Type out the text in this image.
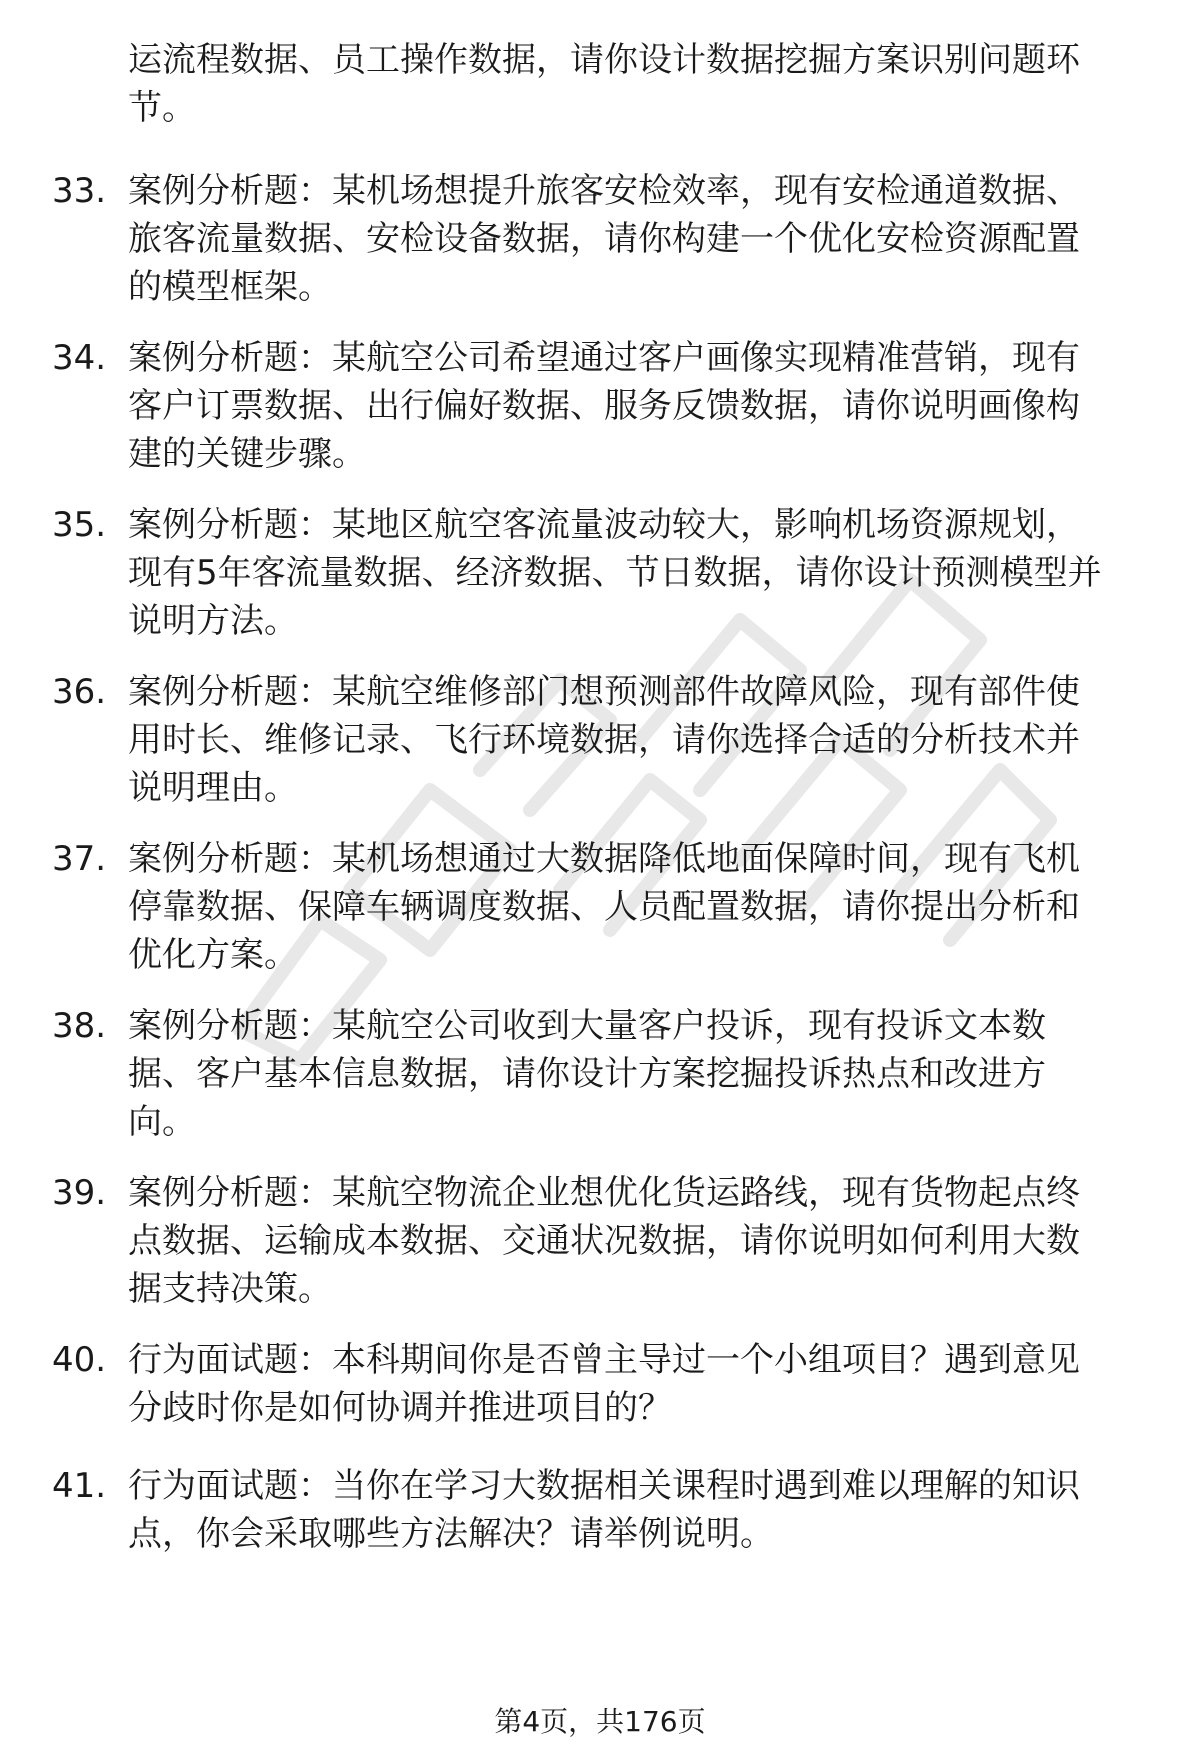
运流程数据、员工操作数据，请你设计数据挖掘方案识别问题环
节。
33. 案例分析题：某机场想提升旅客安检效率，现有安检通道数据、
旅客流量数据、安检设备数据，请你构建一个优化安检资源配置
的模型框架。
34. 案例分析题：某航空公司希望通过客户画像实现精准营销，现有
客户订票数据、出行偏好数据、服务反馈数据，请你说明画像构
建的关键步骤。
35. 案例分析题：某地区航空客流量波动较大，影响机场资源规划，
现有5年客流量数据、经济数据、节日数据，请你设计预测模型并
说明方法。
36. 案例分析题：某航空维修部门想预测部件故障风险，现有部件使
用时长、维修记录、飞行环境数据，请你选择合适的分析技术并
说明理由。
37. 案例分析题：某机场想通过大数据降低地面保障时间，现有飞机
停靠数据、保障车辆调度数据、人员配置数据，请你提出分析和
优化方案。
38. 案例分析题：某航空公司收到大量客户投诉，现有投诉文本数
据、客户基本信息数据，请你设计方案挖掘投诉热点和改进方
向。
39. 案例分析题：某航空物流企业想优化货运路线，现有货物起点终
点数据、运输成本数据、交通状况数据，请你说明如何利用大数
据支持决策。
40. 行为面试题：本科期间你是否曾主导过一个小组项目？遇到意见
分歧时你是如何协调并推进项目的？
41. 行为面试题：当你在学习大数据相关课程时遇到难以理解的知识
点，你会采取哪些方法解决？请举例说明。
第4页，共176页
